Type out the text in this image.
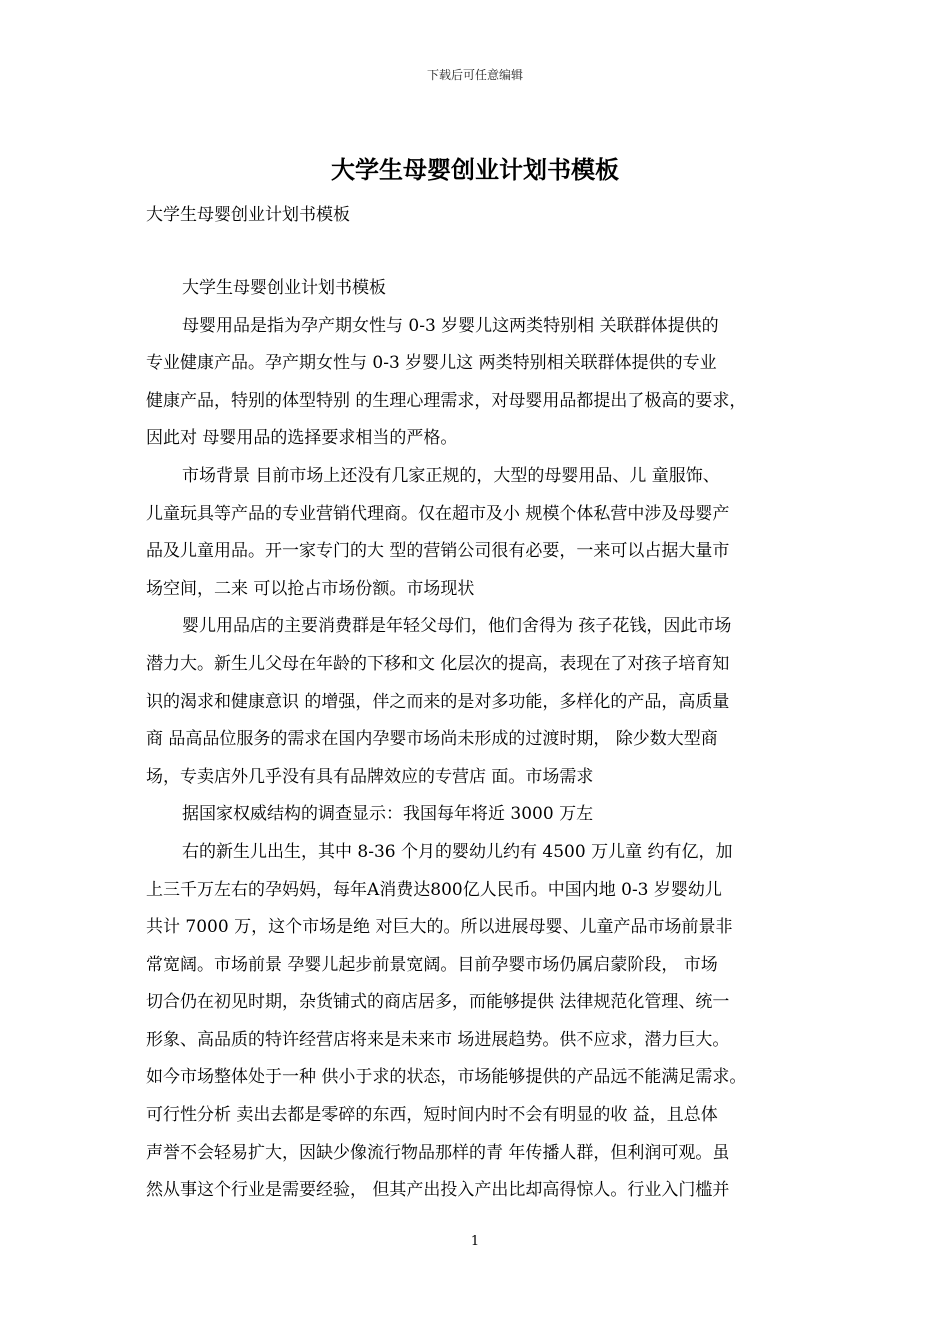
下载后可任意编辑
大学生母婴创业计划书模板

大学生母婴创业计划书模板

大学生母婴创业计划书模板
母婴用品是指为孕产期女性与 0-3 岁婴儿这两类特别相 关联群体提供的
专业健康产品。孕产期女性与 0-3 岁婴儿这 两类特别相关联群体提供的专业
健康产品，特别的体型特别 的生理心理需求，对母婴用品都提出了极高的要求，
因此对 母婴用品的选择要求相当的严格。
市场背景 目前市场上还没有几家正规的，大型的母婴用品、儿 童服饰、
儿童玩具等产品的专业营销代理商。仅在超市及小 规模个体私营中涉及母婴产
品及儿童用品。开一家专门的大 型的营销公司很有必要，一来可以占据大量市
场空间，二来 可以抢占市场份额。市场现状
婴儿用品店的主要消费群是年轻父母们，他们舍得为 孩子花钱，因此市场
潜力大。新生儿父母在年龄的下移和文 化层次的提高，表现在了对孩子培育知
识的渴求和健康意识 的增强，伴之而来的是对多功能，多样化的产品，高质量
商 品高品位服务的需求在国内孕婴市场尚未形成的过渡时期， 除少数大型商
场，专卖店外几乎没有具有品牌效应的专营店 面。市场需求
据国家权威结构的调查显示：我国每年将近 3000 万左
右的新生儿出生，其中 8-36 个月的婴幼儿约有 4500 万儿童 约有亿，加
上三千万左右的孕妈妈，每年A消费达800亿人民币。中国内地 0-3 岁婴幼儿
共计 7000 万，这个市场是绝 对巨大的。所以进展母婴、儿童产品市场前景非
常宽阔。市场前景 孕婴儿起步前景宽阔。目前孕婴市场仍属启蒙阶段， 市场
切合仍在初见时期，杂货铺式的商店居多，而能够提供 法律规范化管理、统一
形象、高品质的特许经营店将来是未来市 场进展趋势。供不应求，潜力巨大。
如今市场整体处于一种 供小于求的状态，市场能够提供的产品远不能满足需求。
可行性分析 卖出去都是零碎的东西，短时间内时不会有明显的收 益，且总体
声誉不会轻易扩大，因缺少像流行物品那样的青 年传播人群，但利润可观。虽
然从事这个行业是需要经验， 但其产出投入产出比却高得惊人。行业入门槛并
1
